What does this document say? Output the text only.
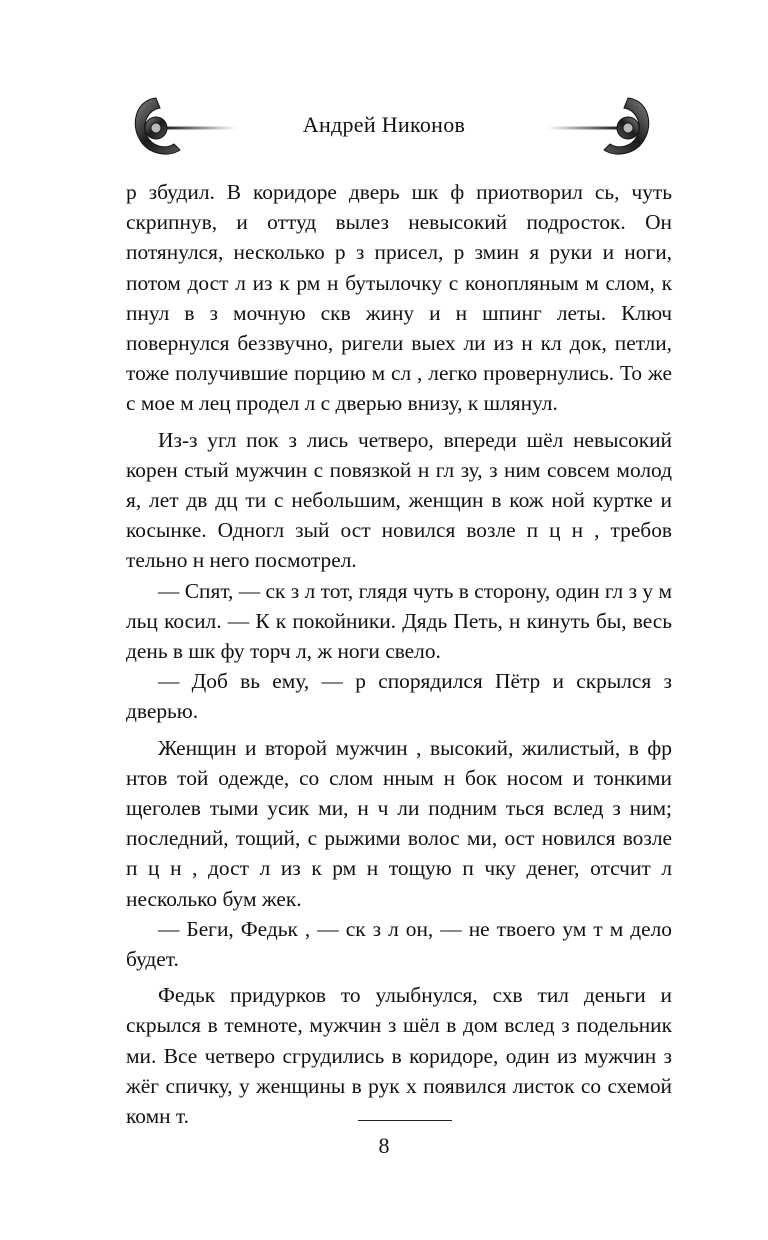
Андрей Никонов

р збудил. В коридоре дверь шк ф приотворил сь, чуть скрипнув, и оттуд вылез невысокий подросток. Он потянулся, несколько р з присел, р змин я руки и ноги, потом дост л из к рм н бутылочку с конопляным м слом, к пнул в з мочную скв жину и н шпинг леты. Ключ повернулся беззвучно, ригели выех ли из н кл док, петли, тоже получившие порцию м сл , легко провернулись. То же с мое м лец продел л с дверью внизу, к шлянул.

Из-з угл пок з лись четверо, впереди шёл невысокий корен стый мужчин с повязкой н гл зу, з ним совсем молод я, лет дв дц ти с небольшим, женщин в кож ной куртке и косынке. Одногл зый ост новился возле п ц н , требов тельно н него посмотрел.

— Спят, — ск з л тот, глядя чуть в сторону, один гл з у м льц косил. — К к покойники. Дядь Петь, н кинуть бы, весь день в шк фу торч л, ж ноги свело.

— Доб вь ему, — р спорядился Пётр и скрылся з дверью.

Женщин и второй мужчин , высокий, жилистый, в фр нтов той одежде, со слом нным н бок носом и тонкими щеголев тыми усик ми, н ч ли подним ться вслед з ним; последний, тощий, с рыжими волос ми, ост новился возле п ц н , дост л из к рм н тощую п чку денег, отсчит л несколько бум жек.

— Беги, Федьк , — ск з л он, — не твоего ум т м дело будет.

Федьк придурков то улыбнулся, схв тил деньги и скрылся в темноте, мужчин з шёл в дом вслед з подельник ми. Все четверо сгрудились в коридоре, один из мужчин з жёг спичку, у женщины в рук х появился листок со схемой комн т.

8
